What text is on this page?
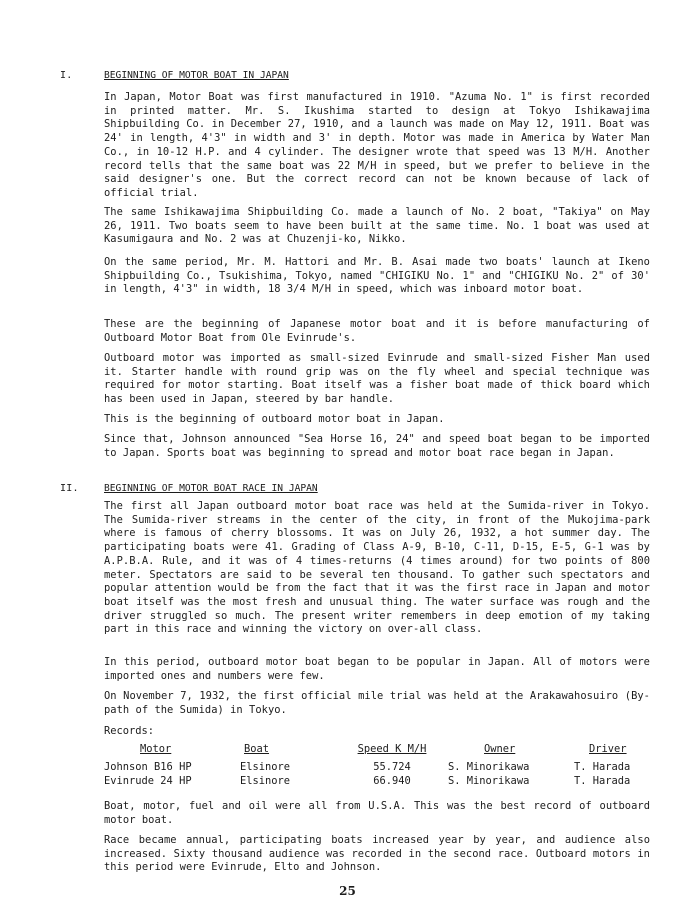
I.	BEGINNING OF MOTOR BOAT IN JAPAN

In Japan, Motor Boat was first manufactured in 1910. "Azuma No. 1" is first recorded in printed matter. Mr. S. Ikushima started to design at Tokyo Ishikawajima Shipbuilding Co. in December 27, 1910, and a launch was made on May 12, 1911. Boat was 24' in length, 4'3" in width and 3' in depth. Motor was made in America by Water Man Co., in 10-12 H.P. and 4 cylinder. The designer wrote that speed was 13 M/H. Another record tells that the same boat was 22 M/H in speed, but we prefer to believe in the said designer's one. But the correct record can not be known because of lack of official trial.

The same Ishikawajima Shipbuilding Co. made a launch of No. 2 boat, "Takiya" on May 26, 1911. Two boats seem to have been built at the same time. No. 1 boat was used at Kasumigaura and No. 2 was at Chuzenji-ko, Nikko.

On the same period, Mr. M. Hattori and Mr. B. Asai made two boats' launch at Ikeno Shipbuilding Co., Tsukishima, Tokyo, named "CHIGIKU No. 1" and "CHIGIKU No. 2" of 30' in length, 4'3" in width, 18 3/4 M/H in speed, which was inboard motor boat.

These are the beginning of Japanese motor boat and it is before manufacturing of Outboard Motor Boat from Ole Evinrude's.

Outboard motor was imported as small-sized Evinrude and small-sized Fisher Man used it. Starter handle with round grip was on the fly wheel and special technique was required for motor starting. Boat itself was a fisher boat made of thick board which has been used in Japan, steered by bar handle.

This is the beginning of outboard motor boat in Japan.

Since that, Johnson announced "Sea Horse 16, 24" and speed boat began to be imported to Japan. Sports boat was beginning to spread and motor boat race began in Japan.

II.	BEGINNING OF MOTOR BOAT RACE IN JAPAN

The first all Japan outboard motor boat race was held at the Sumida-river in Tokyo. The Sumida-river streams in the center of the city, in front of the Mukojima-park where is famous of cherry blossoms. It was on July 26, 1932, a hot summer day. The participating boats were 41. Grading of Class A-9, B-10, C-11, D-15, E-5, G-1 was by A.P.B.A. Rule, and it was of 4 times-returns (4 times around) for two points of 800 meter. Spectators are said to be several ten thousand. To gather such spectators and popular attention would be from the fact that it was the first race in Japan and motor boat itself was the most fresh and unusual thing. The water surface was rough and the driver struggled so much. The present writer remembers in deep emotion of my taking part in this race and winning the victory on over-all class.

In this period, outboard motor boat began to be popular in Japan. All of motors were imported ones and numbers were few.

On November 7, 1932, the first official mile trial was held at the Arakawahosuiro (By-path of the Sumida) in Tokyo.

Records:
Motor	Boat	Speed K M/H	Owner	Driver
Johnson B16 HP	Elsinore	55.724	S. Minorikawa	T. Harada
Evinrude 24 HP	Elsinore	66.940	S. Minorikawa	T. Harada

Boat, motor, fuel and oil were all from U.S.A. This was the best record of outboard motor boat.

Race became annual, participating boats increased year by year, and audience also increased. Sixty thousand audience was recorded in the second race. Outboard motors in this period were Evinrude, Elto and Johnson.

25
